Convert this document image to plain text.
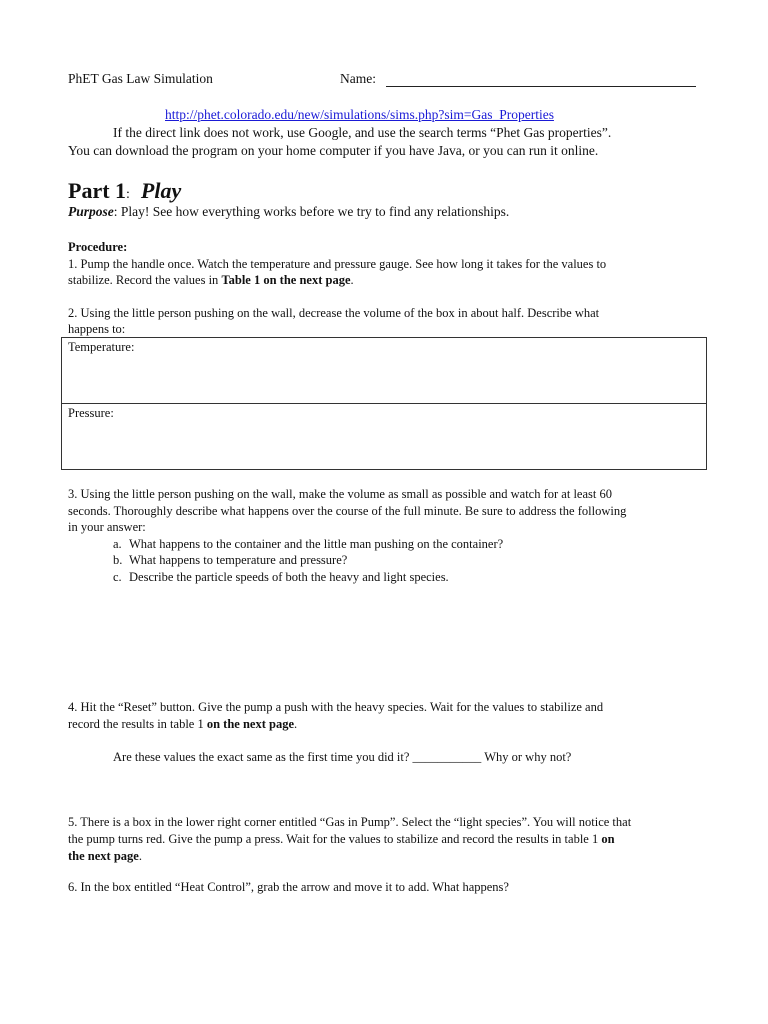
PhET Gas Law Simulation	Name:
http://phet.colorado.edu/new/simulations/sims.php?sim=Gas_Properties
If the direct link does not work, use Google, and use the search terms “Phet Gas properties”.
You can download the program on your home computer if you have Java, or you can run it online.
Part 1: Play
Purpose: Play! See how everything works before we try to find any relationships.
Procedure:
1. Pump the handle once. Watch the temperature and pressure gauge. See how long it takes for the values to
stabilize. Record the values in Table 1 on the next page.
2. Using the little person pushing on the wall, decrease the volume of the box in about half. Describe what
happens to:
Temperature:
Pressure:
3. Using the little person pushing on the wall, make the volume as small as possible and watch for at least 60
seconds. Thoroughly describe what happens over the course of the full minute. Be sure to address the following
in your answer:
a. What happens to the container and the little man pushing on the container?
b. What happens to temperature and pressure?
c. Describe the particle speeds of both the heavy and light species.
4. Hit the “Reset” button. Give the pump a push with the heavy species. Wait for the values to stabilize and
record the results in table 1 on the next page.
Are these values the exact same as the first time you did it? ___________ Why or why not?
5. There is a box in the lower right corner entitled “Gas in Pump”. Select the “light species”. You will notice that
the pump turns red. Give the pump a press. Wait for the values to stabilize and record the results in table 1 on
the next page.
6. In the box entitled “Heat Control”, grab the arrow and move it to add. What happens?
